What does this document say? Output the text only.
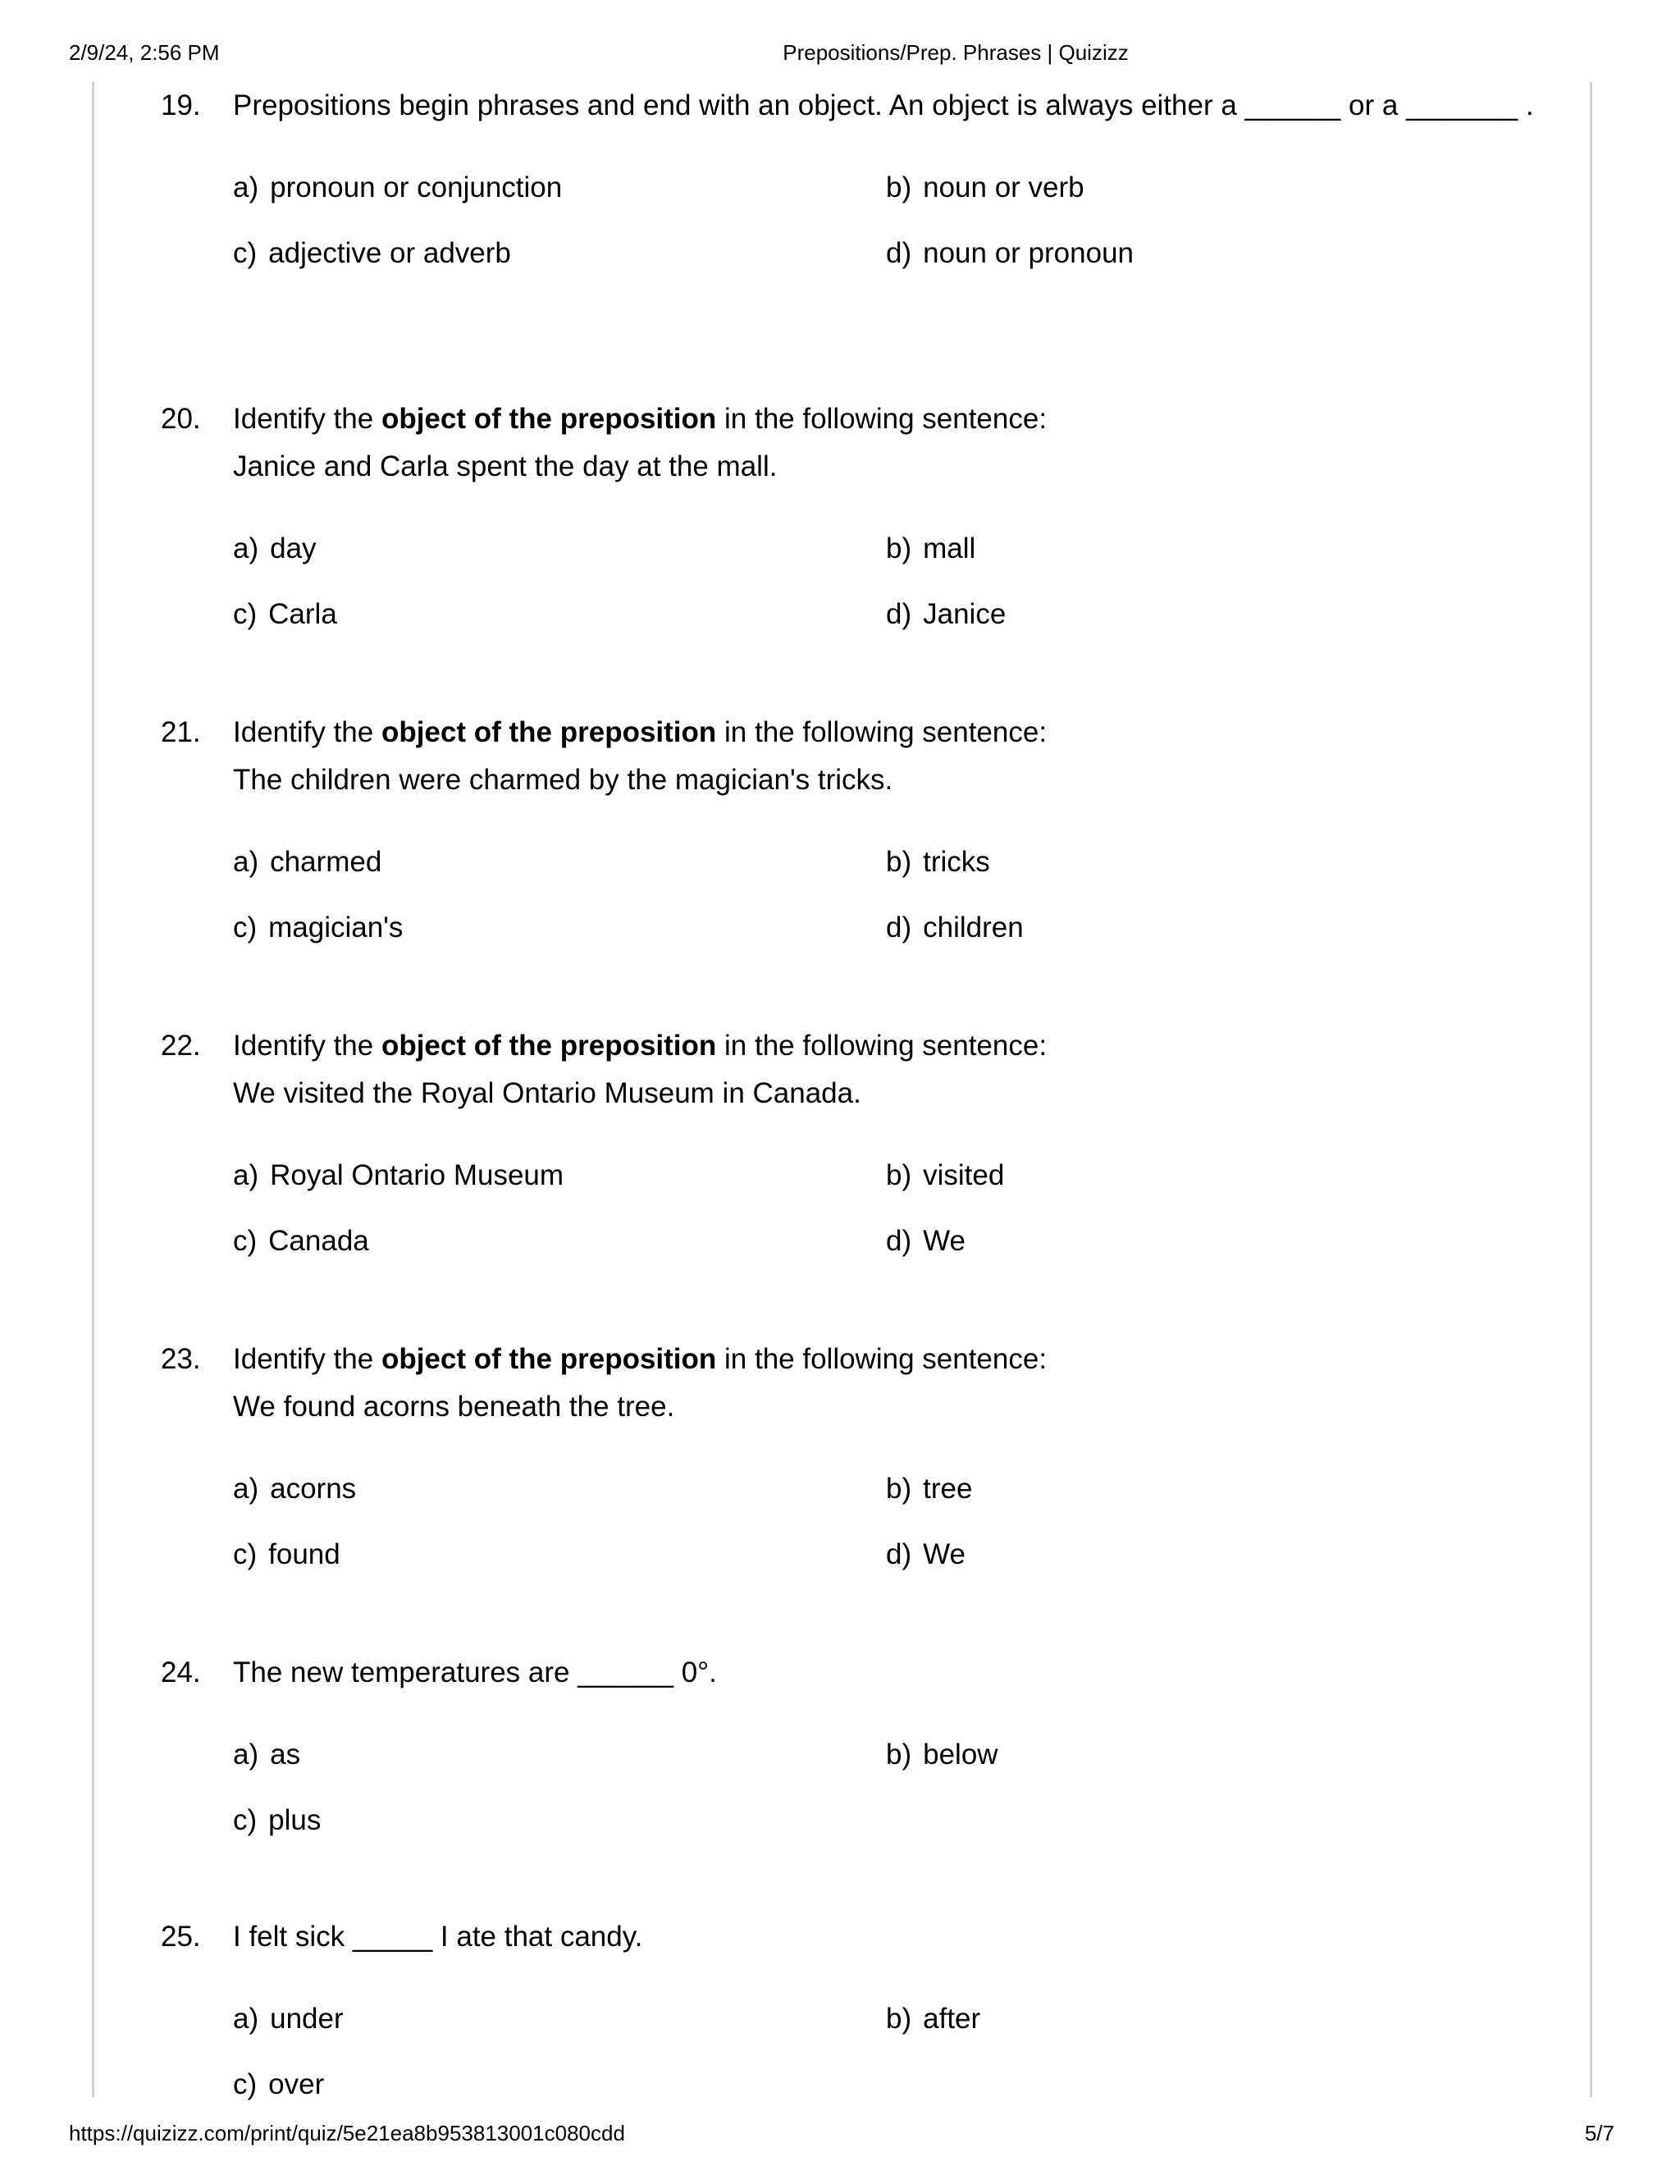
2/9/24, 2:56 PM	Prepositions/Prep. Phrases | Quizizz
19. Prepositions begin phrases and end with an object. An object is always either a ______ or a _______ .
a) pronoun or conjunction	b) noun or verb
c) adjective or adverb	d) noun or pronoun
20. Identify the object of the preposition in the following sentence:
Janice and Carla spent the day at the mall.
a) day	b) mall
c) Carla	d) Janice
21. Identify the object of the preposition in the following sentence:
The children were charmed by the magician's tricks.
a) charmed	b) tricks
c) magician's	d) children
22. Identify the object of the preposition in the following sentence:
We visited the Royal Ontario Museum in Canada.
a) Royal Ontario Museum	b) visited
c) Canada	d) We
23. Identify the object of the preposition in the following sentence:
We found acorns beneath the tree.
a) acorns	b) tree
c) found	d) We
24. The new temperatures are ______ 0°.
a) as	b) below
c) plus
25. I felt sick _____ I ate that candy.
a) under	b) after
c) over
https://quizizz.com/print/quiz/5e21ea8b953813001c080cdd	5/7
